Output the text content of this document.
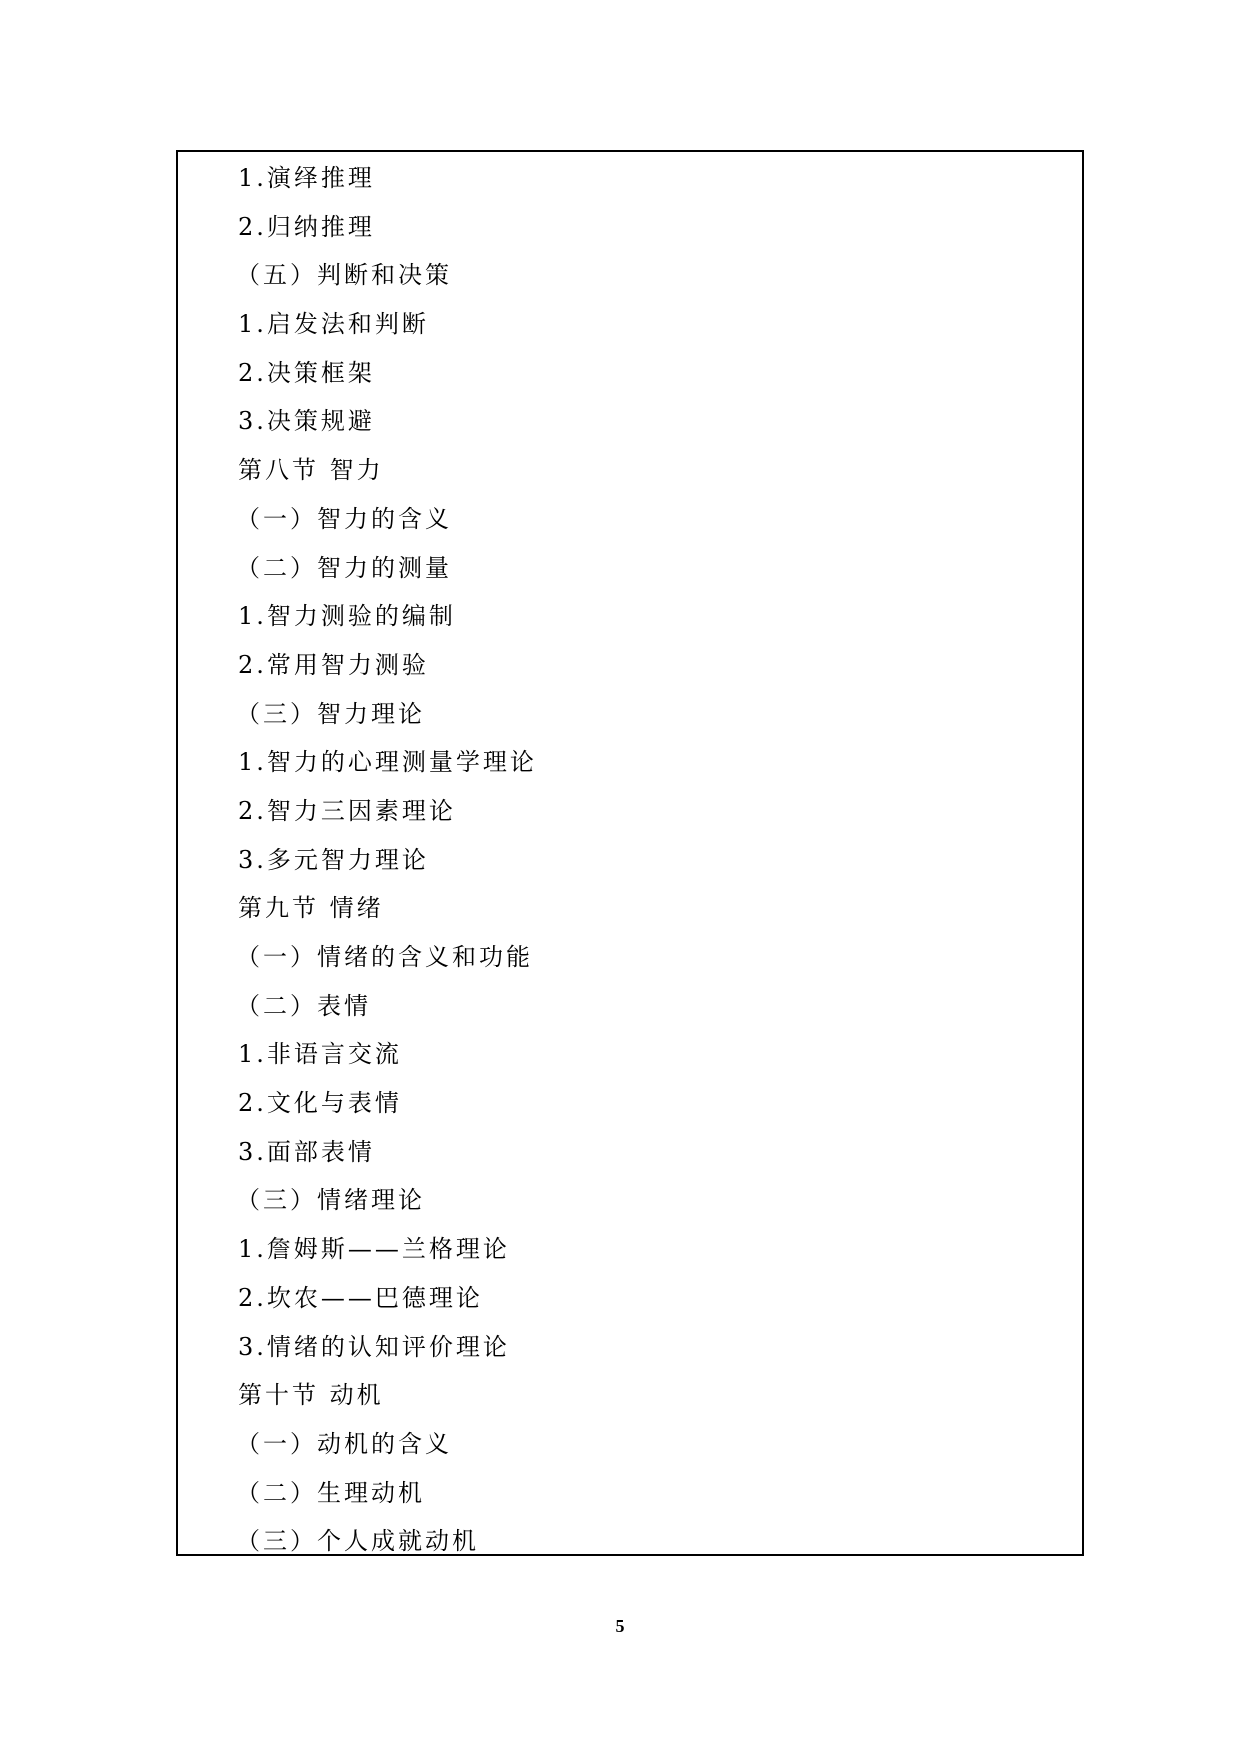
1.演绎推理
2.归纳推理
（五）判断和决策
1.启发法和判断
2.决策框架
3.决策规避
第八节 智力
（一）智力的含义
（二）智力的测量
1.智力测验的编制
2.常用智力测验
（三）智力理论
1.智力的心理测量学理论
2.智力三因素理论
3.多元智力理论
第九节 情绪
（一）情绪的含义和功能
（二）表情
1.非语言交流
2.文化与表情
3.面部表情
（三）情绪理论
1.詹姆斯——兰格理论
2.坎农——巴德理论
3.情绪的认知评价理论
第十节 动机
（一）动机的含义
（二）生理动机
（三）个人成就动机
5
